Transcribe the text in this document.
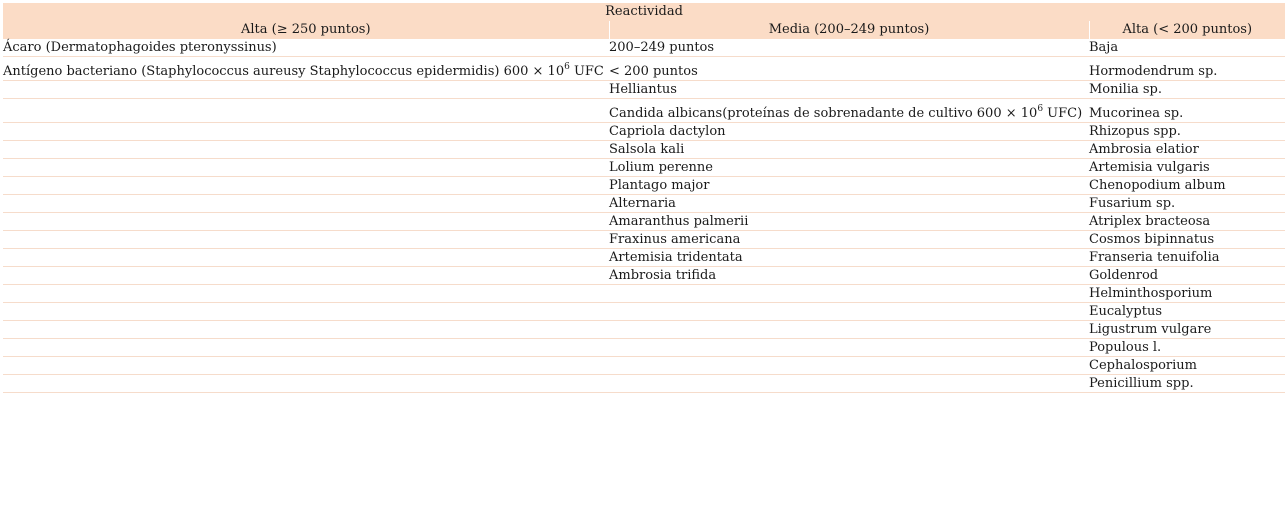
Reactividad		
Alta (≥ 250 puntos)	Media (200–249 puntos)	Alta (< 200 puntos)
Ácaro (Dermatophagoides pteronyssinus)	200–249 puntos	Baja
Antígeno bacteriano (Staphylococcus aureusy Staphylococcus epidermidis) $600 \times 10^6$ UFC	< 200 puntos	Hormodendrum sp.
	Helliantus	Monilia sp.
	Candida albicans(proteínas de sobrenadante de cultivo $600 \times 10^6$ UFC)	Mucorinea sp.
	Capriola dactylon	Rhizopus spp.
	Salsola kali	Ambrosia elatior
	Lolium perenne	Artemisia vulgaris
	Plantago major	Chenopodium album
	Alternaria	Fusarium sp.
	Amaranthus palmerii	Atriplex bracteosa
	Fraxinus americana	Cosmos bipinnatus
	Artemisia tridentata	Franseria tenuifolia
	Ambrosia trifida	Goldenrod
		Helminthosporium
		Eucalyptus
		Ligustrum vulgare
		Populous l.
		Cephalosporium
		Penicillium spp.
